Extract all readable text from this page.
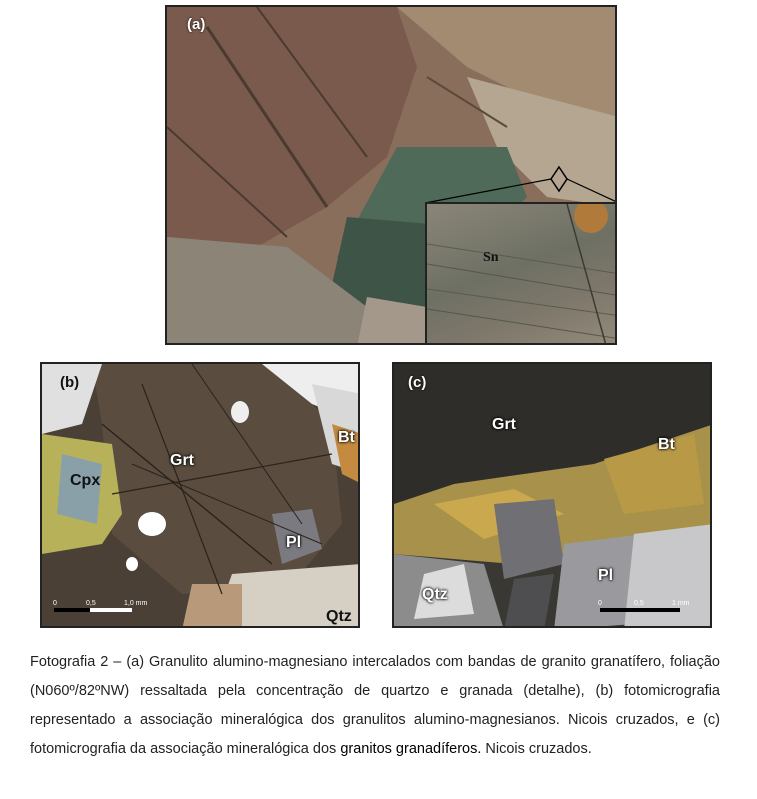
Sn
(a)
0	0,5	1,0 mm
(b)
Grt
Cpx
Bt
Pl
Qtz
0	0,5	1 mm
(c)
Grt
Bt
Pl
Qtz
Fotografia 2 – (a) Granulito alumino-magnesiano intercalados com bandas de granito granatífero, foliação (N060º/82ºNW) ressaltada pela concentração de quartzo e granada (detalhe), (b) fotomicrografia representado a associação mineralógica dos granulitos alumino-magnesianos. Nicois cruzados, e (c) fotomicrografia da associação mineralógica dos granitos granadíferos. Nicois cruzados.
